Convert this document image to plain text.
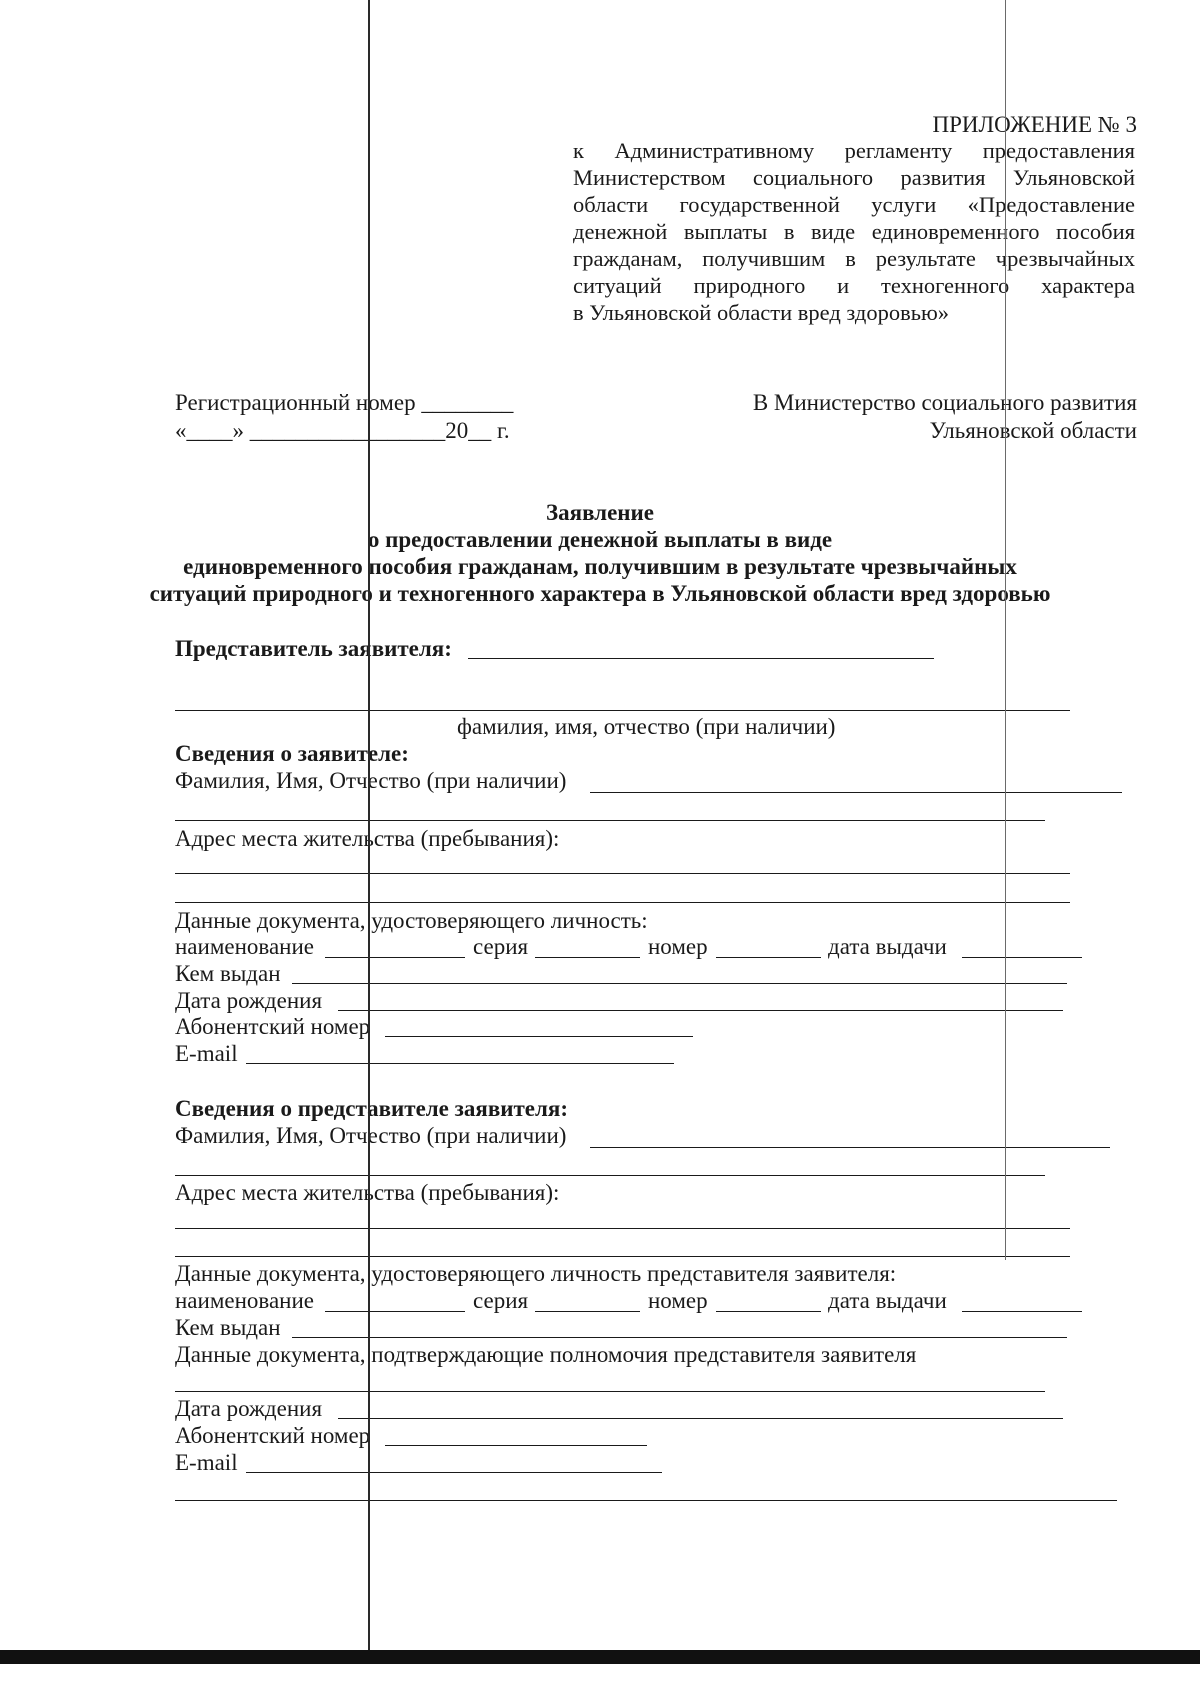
ПРИЛОЖЕНИЕ № 3
к Административному регламенту предоставления
Министерством социального развития Ульяновской
области государственной услуги «Предоставление
денежной выплаты в виде единовременного пособия
гражданам, получившим в результате чрезвычайных
ситуаций природного и техногенного характера
в Ульяновской области вред здоровью»
Регистрационный номер ________
«____» _________________20__ г.
В Министерство социального развития
Ульяновской области
Заявление
о предоставлении денежной выплаты в виде
единовременного пособия гражданам, получившим в результате чрезвычайных
ситуаций природного и техногенного характера в Ульяновской области вред здоровью
Представитель заявителя:
фамилия, имя, отчество (при наличии)
Сведения о заявителе:
Фамилия, Имя, Отчество (при наличии)
Адрес места жительства (пребывания):
Данные документа, удостоверяющего личность:
наименование	серия	номер	дата выдачи
Кем выдан
Дата рождения
Абонентский номер
E-mail
Сведения о представителе заявителя:
Фамилия, Имя, Отчество (при наличии)
Адрес места жительства (пребывания):
Данные документа, удостоверяющего личность представителя заявителя:
наименование	серия	номер	дата выдачи
Кем выдан
Данные документа, подтверждающие полномочия представителя заявителя
Дата рождения
Абонентский номер
E-mail
